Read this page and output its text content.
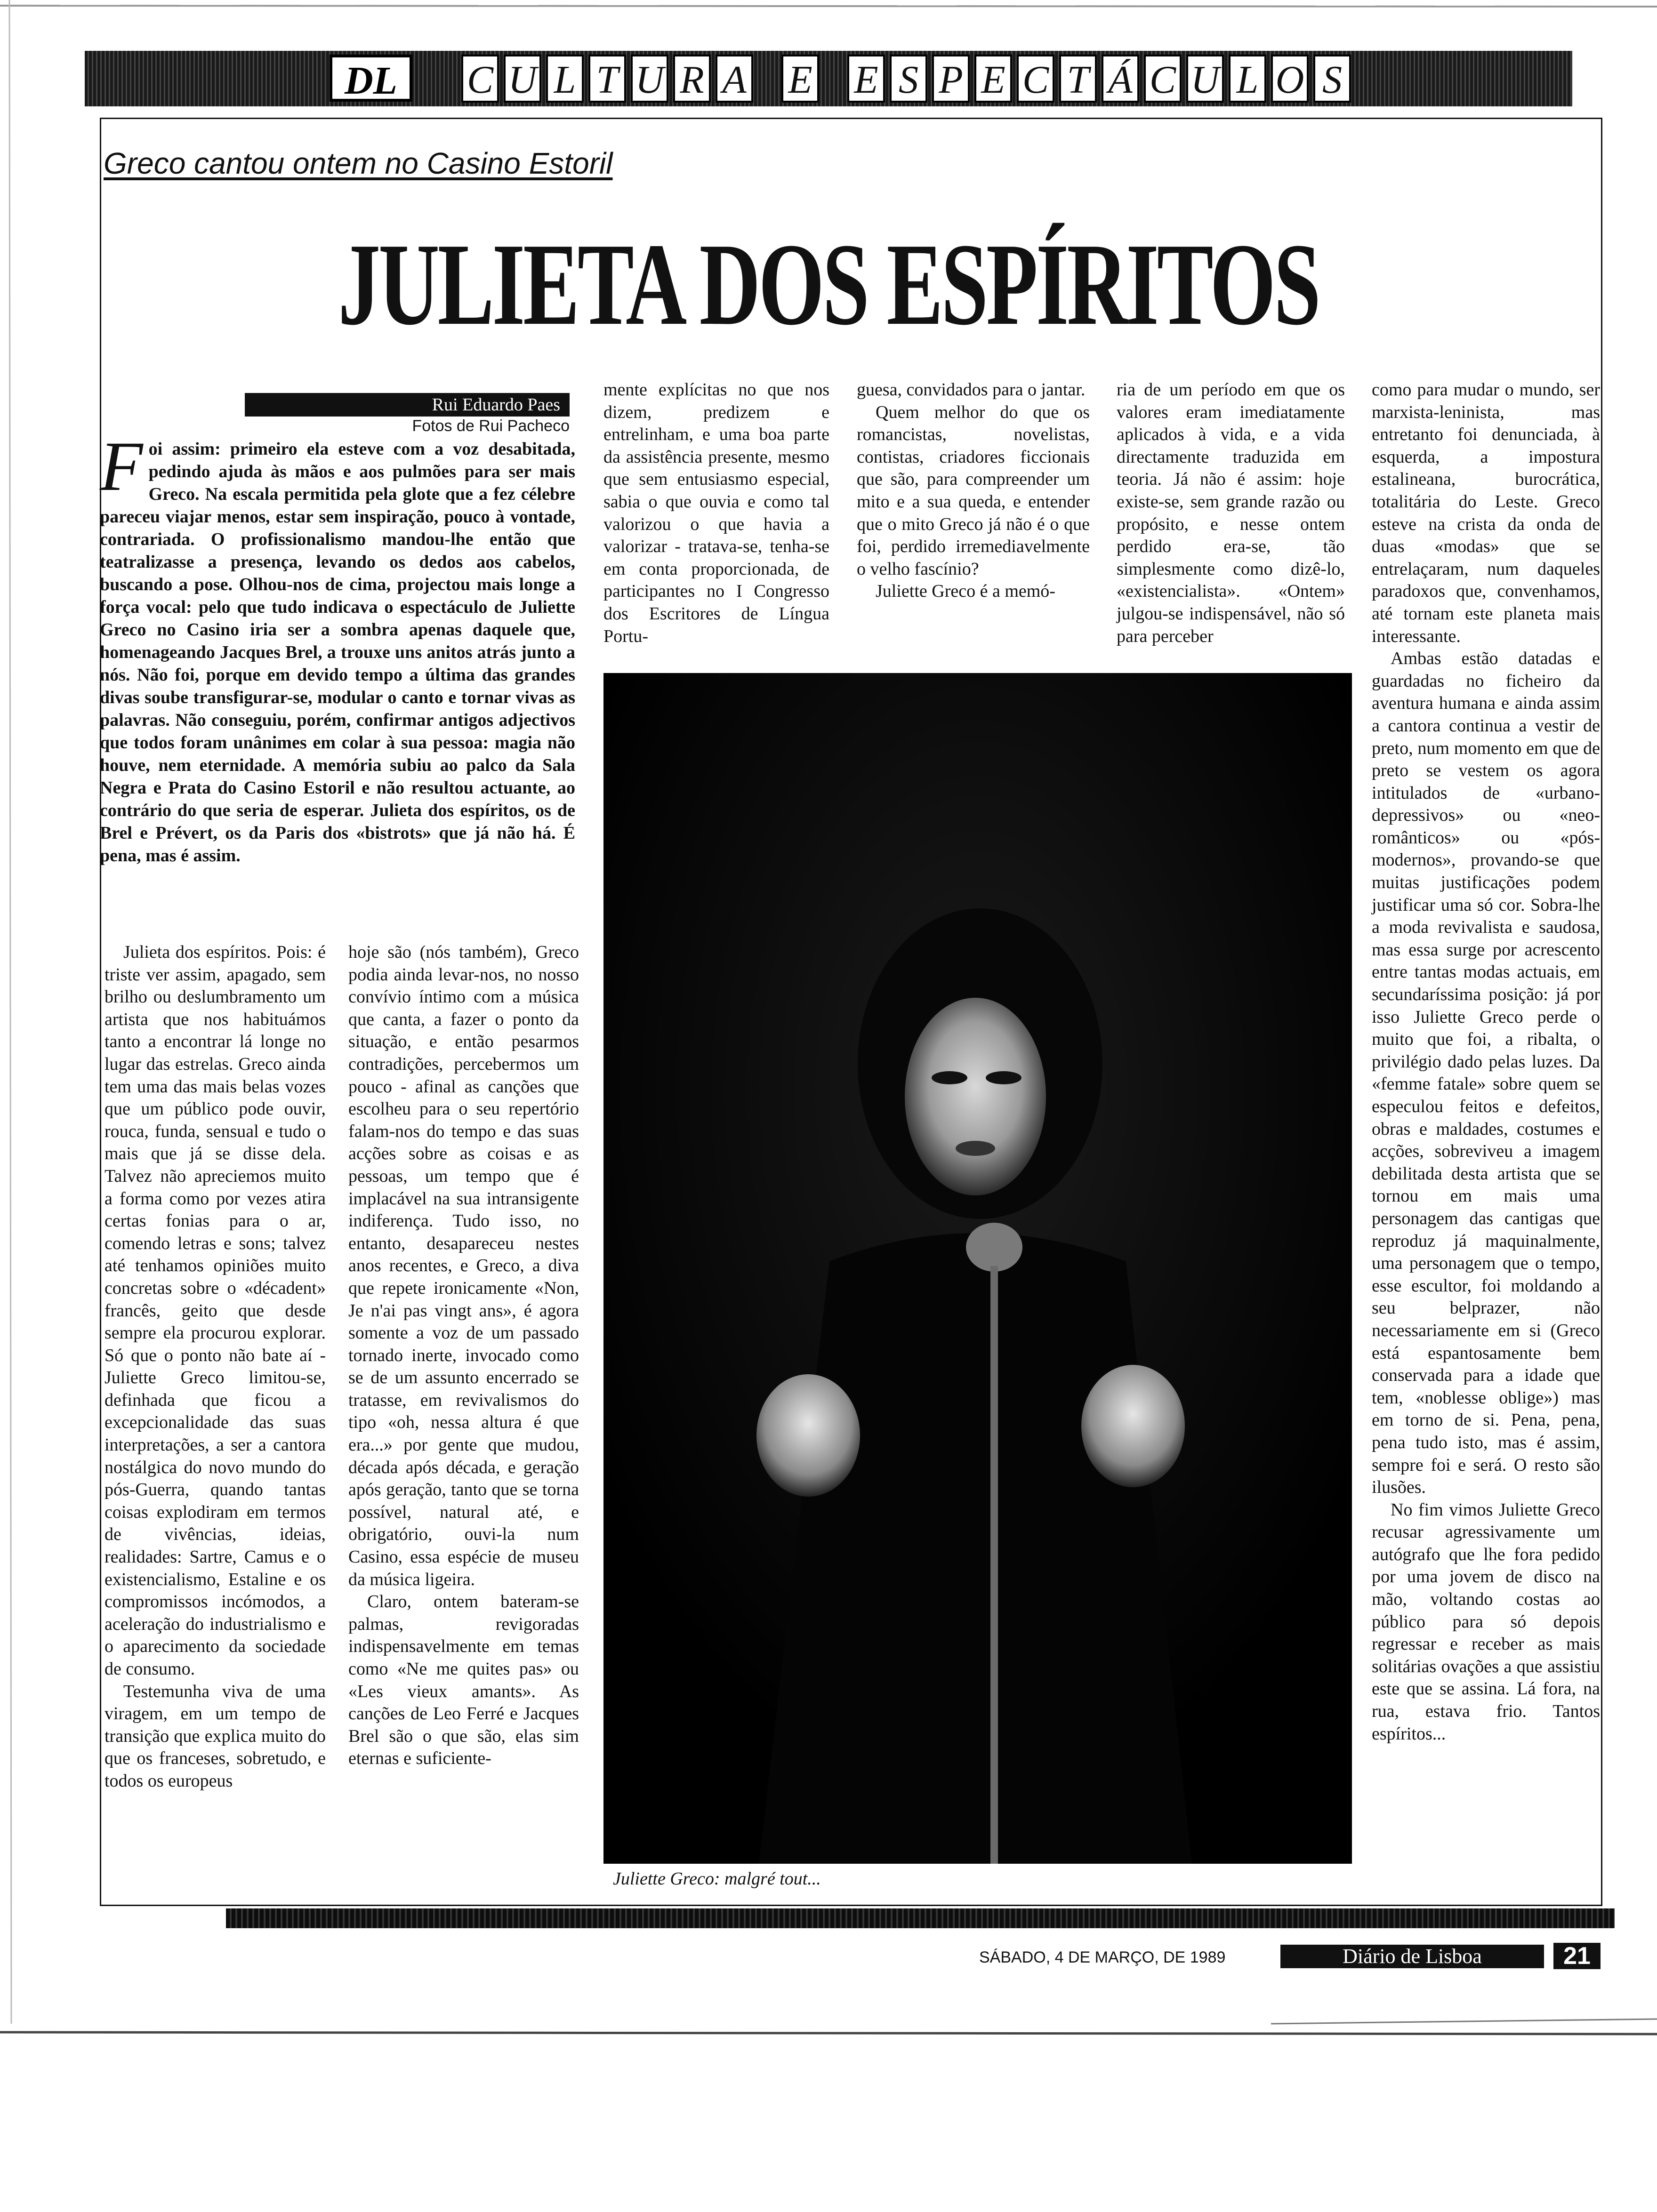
DL	C U L T U R A E E S P E C T Á C U L O S
Greco cantou ontem no Casino Estoril
JULIETA DOS ESPÍRITOS
Rui Eduardo Paes
Fotos de Rui Pacheco
Foi assim: primeiro ela esteve com a voz desabitada, pedindo ajuda às mãos e aos pulmões para ser mais Greco. Na escala permitida pela glote que a fez célebre pareceu viajar menos, estar sem inspiração, pouco à vontade, contrariada. O profissionalismo mandou-lhe então que teatralizasse a presença, levando os dedos aos cabelos, buscando a pose. Olhou-nos de cima, projectou mais longe a força vocal: pelo que tudo indicava o espectáculo de Juliette Greco no Casino iria ser a sombra apenas daquele que, homenageando Jacques Brel, a trouxe uns anitos atrás junto a nós. Não foi, porque em devido tempo a última das grandes divas soube transfigurar-se, modular o canto e tornar vivas as palavras. Não conseguiu, porém, confirmar antigos adjectivos que todos foram unânimes em colar à sua pessoa: magia não houve, nem eternidade. A memória subiu ao palco da Sala Negra e Prata do Casino Estoril e não resultou actuante, ao contrário do que seria de esperar. Julieta dos espíritos, os de Brel e Prévert, os da Paris dos «bistrots» que já não há. É pena, mas é assim.

Julieta dos espíritos. Pois: é triste ver assim, apagado, sem brilho ou deslumbramento um artista que nos habituámos tanto a encontrar lá longe no lugar das estrelas. Greco ainda tem uma das mais belas vozes que um público pode ouvir, rouca, funda, sensual e tudo o mais que já se disse dela. Talvez não apreciemos muito a forma como por vezes atira certas fonias para o ar, comendo letras e sons; talvez até tenhamos opiniões muito concretas sobre o «décadent» francês, geito que desde sempre ela procurou explorar. Só que o ponto não bate aí - Juliette Greco limitou-se, definhada que ficou a excepcionalidade das suas interpretações, a ser a cantora nostálgica do novo mundo do pós-Guerra, quando tantas coisas explodiram em termos de vivências, ideias, realidades: Sartre, Camus e o existencialismo, Estaline e os compromissos incómodos, a aceleração do industrialismo e o aparecimento da sociedade de consumo.

Testemunha viva de uma viragem, em um tempo de transição que explica muito do que os franceses, sobretudo, e todos os europeus

hoje são (nós também), Greco podia ainda levar-nos, no nosso convívio íntimo com a música que canta, a fazer o ponto da situação, e então pesarmos contradições, percebermos um pouco - afinal as canções que escolheu para o seu repertório falam-nos do tempo e das suas acções sobre as coisas e as pessoas, um tempo que é implacável na sua intransigente indiferença. Tudo isso, no entanto, desapareceu nestes anos recentes, e Greco, a diva que repete ironicamente «Non, Je n'ai pas vingt ans», é agora somente a voz de um passado tornado inerte, invocado como se de um assunto encerrado se tratasse, em revivalismos do tipo «oh, nessa altura é que era...» por gente que mudou, década após década, e geração após geração, tanto que se torna possível, natural até, e obrigatório, ouvi-la num Casino, essa espécie de museu da música ligeira.

Claro, ontem bateram-se palmas, revigoradas indispensavelmente em temas como «Ne me quites pas» ou «Les vieux amants». As canções de Leo Ferré e Jacques Brel são o que são, elas sim eternas e suficiente-

mente explícitas no que nos dizem, predizem e entrelinham, e uma boa parte da assistência presente, mesmo que sem entusiasmo especial, sabia o que ouvia e como tal valorizou o que havia a valorizar - tratava-se, tenha-se em conta proporcionada, de participantes no I Congresso dos Escritores de Língua Portu-

guesa, convidados para o jantar.

Quem melhor do que os romancistas, novelistas, contistas, criadores ficcionais que são, para compreender um mito e a sua queda, e entender que o mito Greco já não é o que foi, perdido irremediavelmente o velho fascínio?

Juliette Greco é a memó-

ria de um período em que os valores eram imediatamente aplicados à vida, e a vida directamente traduzida em teoria. Já não é assim: hoje existe-se, sem grande razão ou propósito, e nesse ontem perdido era-se, tão simplesmente como dizê-lo, «existencialista». «Ontem» julgou-se indispensável, não só para perceber

como para mudar o mundo, ser marxista-leninista, mas entretanto foi denunciada, à esquerda, a impostura estalineana, burocrática, totalitária do Leste. Greco esteve na crista da onda de duas «modas» que se entrelaçaram, num daqueles paradoxos que, convenhamos, até tornam este planeta mais interessante.

Ambas estão datadas e guardadas no ficheiro da aventura humana e ainda assim a cantora continua a vestir de preto, num momento em que de preto se vestem os agora intitulados de «urbano-depressivos» ou «neo-românticos» ou «pós-modernos», provando-se que muitas justificações podem justificar uma só cor. Sobra-lhe a moda revivalista e saudosa, mas essa surge por acrescento entre tantas modas actuais, em secundaríssima posição: já por isso Juliette Greco perde o muito que foi, a ribalta, o privilégio dado pelas luzes. Da «femme fatale» sobre quem se especulou feitos e defeitos, obras e maldades, costumes e acções, sobreviveu a imagem debilitada desta artista que se tornou em mais uma personagem das cantigas que reproduz já maquinalmente, uma personagem que o tempo, esse escultor, foi moldando a seu belprazer, não necessariamente em si (Greco está espantosamente bem conservada para a idade que tem, «noblesse oblige») mas em torno de si. Pena, pena, pena tudo isto, mas é assim, sempre foi e será. O resto são ilusões.

No fim vimos Juliette Greco recusar agressivamente um autógrafo que lhe fora pedido por uma jovem de disco na mão, voltando costas ao público para só depois regressar e receber as mais solitárias ovações a que assistiu este que se assina. Lá fora, na rua, estava frio. Tantos espíritos...

Juliette Greco: malgré tout...
SÁBADO, 4 DE MARÇO, DE 1989	Diário de Lisboa	21
